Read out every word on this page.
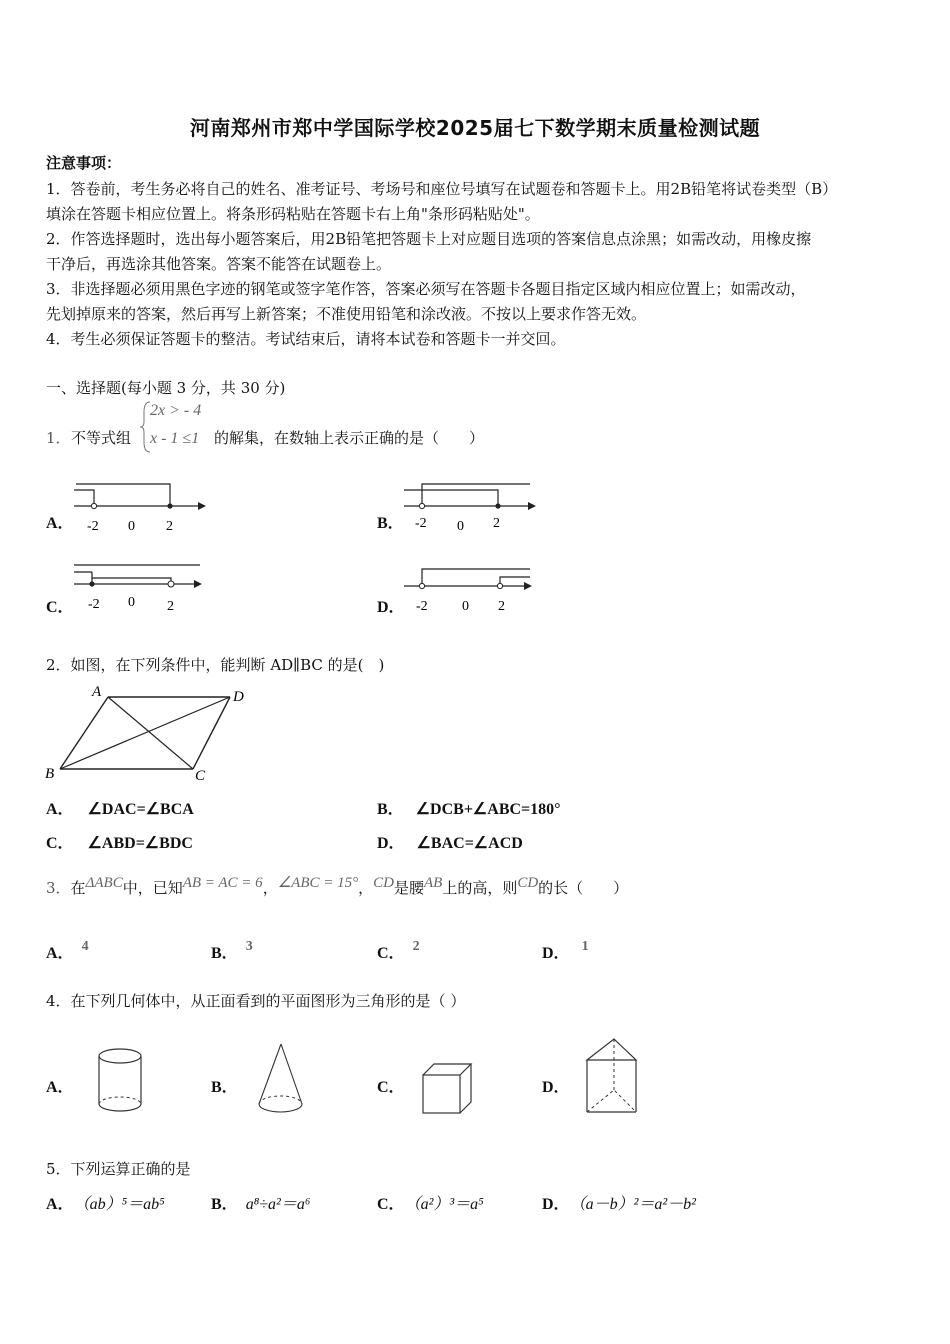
河南郑州市郑中学国际学校2025届七下数学期末质量检测试题
注意事项：
1．答卷前，考生务必将自己的姓名、准考证号、考场号和座位号填写在试题卷和答题卡上。用2B铅笔将试卷类型（B）
填涂在答题卡相应位置上。将条形码粘贴在答题卡右上角"条形码粘贴处"。
2．作答选择题时，选出每小题答案后，用2B铅笔把答题卡上对应题目选项的答案信息点涂黑；如需改动，用橡皮擦
干净后，再选涂其他答案。答案不能答在试题卷上。
3．非选择题必须用黑色字迹的钢笔或签字笔作答，答案必须写在答题卡各题目指定区域内相应位置上；如需改动，
先划掉原来的答案，然后再写上新答案；不准使用铅笔和涂改液。不按以上要求作答无效。
4．考生必须保证答题卡的整洁。考试结束后，请将本试卷和答题卡一并交回。
一、选择题(每小题 3 分，共 30 分)
1． 不等式组
2x > - 4
x - 1 ≤1 的解集，在数轴上表示正确的是（　　）
A． -2 0 2	B． -2 0 2
C． -2 0 2	D． -2 0 2
2．如图，在下列条件中，能判断 AD∥BC 的是(　)
A	D
B	C
A． ∠DAC=∠BCA	B． ∠DCB+∠ABC=180°
C． ∠ABD=∠BDC	D． ∠BAC=∠ACD
3．在ΔABC中，已知AB = AC = 6，∠ABC = 15°，CD是腰AB上的高，则CD的长（　　）
A． 4	B． 3	C． 2	D． 1
4．在下列几何体中，从正面看到的平面图形为三角形的是（ ）
A．	B．	C．	D．
5．下列运算正确的是
A． （ab）⁵＝ab⁵	B． a⁸÷a²＝a⁶	C． （a²）³＝a⁵	D． （a－b）²＝a²－b²
